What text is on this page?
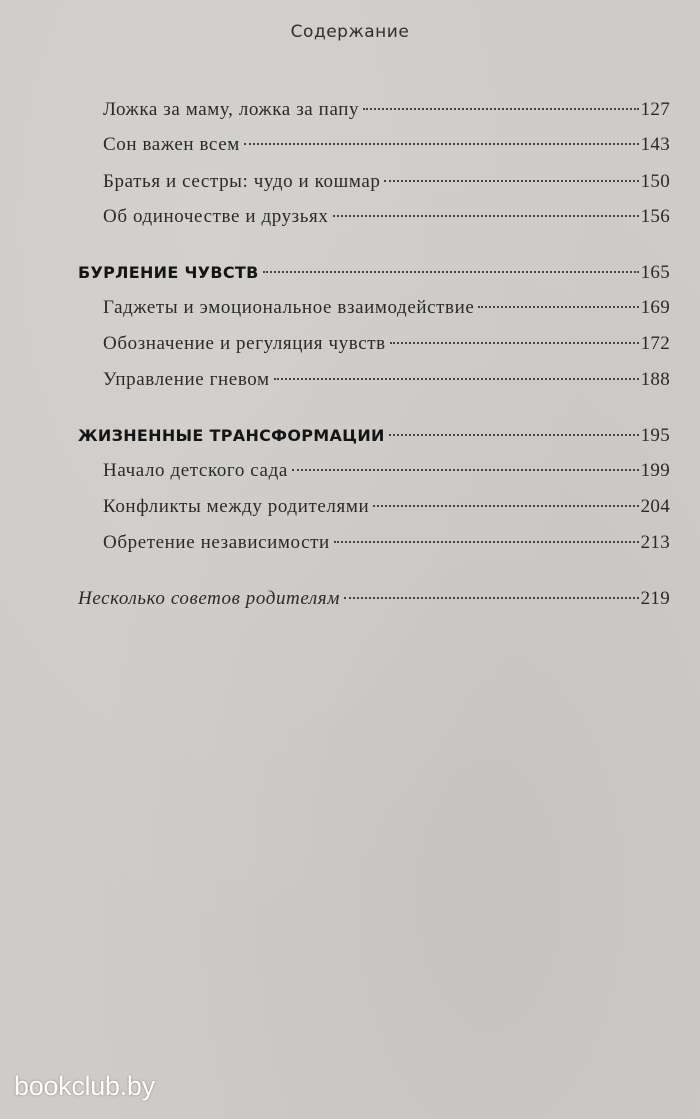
Содержание
Ложка за маму, ложка за папу	127
Сон важен всем	143
Братья и сестры: чудо и кошмар	150
Об одиночестве и друзьях	156
БУРЛЕНИЕ ЧУВСТВ	165
Гаджеты и эмоциональное взаимодействие	169
Обозначение и регуляция чувств	172
Управление гневом	188
ЖИЗНЕННЫЕ ТРАНСФОРМАЦИИ	195
Начало детского сада	199
Конфликты между родителями	204
Обретение независимости	213
Несколько советов родителям	219
bookclub.by
